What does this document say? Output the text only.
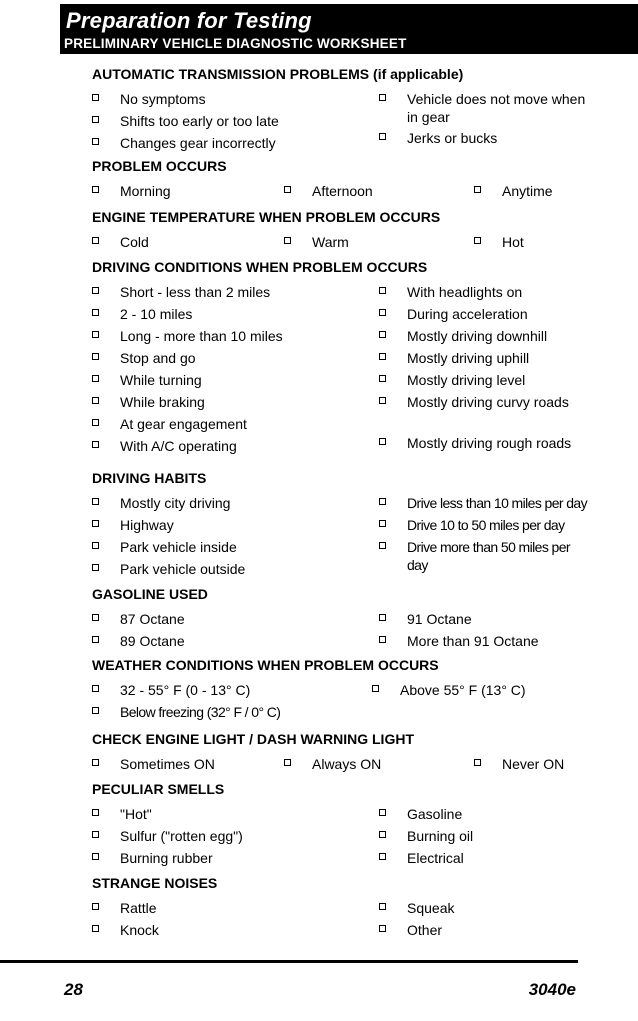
Preparation for Testing
PRELIMINARY VEHICLE DIAGNOSTIC WORKSHEET
AUTOMATIC TRANSMISSION PROBLEMS (if applicable)
No symptoms
Shifts too early or too late
Changes gear incorrectly
Vehicle does not move when in gear
Jerks or bucks
PROBLEM OCCURS
Morning	Afternoon	Anytime
ENGINE TEMPERATURE WHEN PROBLEM OCCURS
Cold	Warm	Hot
DRIVING CONDITIONS WHEN PROBLEM OCCURS
Short - less than 2 miles
2 - 10 miles
Long - more than 10 miles
Stop and go
While turning
While braking
At gear engagement
With A/C operating
With headlights on
During acceleration
Mostly driving downhill
Mostly driving uphill
Mostly driving level
Mostly driving curvy roads
Mostly driving rough roads
DRIVING HABITS
Mostly city driving
Highway
Park vehicle inside
Park vehicle outside
Drive less than 10 miles per day
Drive 10 to 50 miles per day
Drive more than 50 miles per day
GASOLINE USED
87 Octane
89 Octane
91 Octane
More than 91 Octane
WEATHER CONDITIONS WHEN PROBLEM OCCURS
32 - 55° F (0 - 13° C)	Above 55° F (13° C)
Below freezing (32° F / 0° C)
CHECK ENGINE LIGHT / DASH WARNING LIGHT
Sometimes ON	Always ON	Never ON
PECULIAR SMELLS
"Hot"
Sulfur ("rotten egg")
Burning rubber
Gasoline
Burning oil
Electrical
STRANGE NOISES
Rattle
Knock
Squeak
Other
28	3040e
